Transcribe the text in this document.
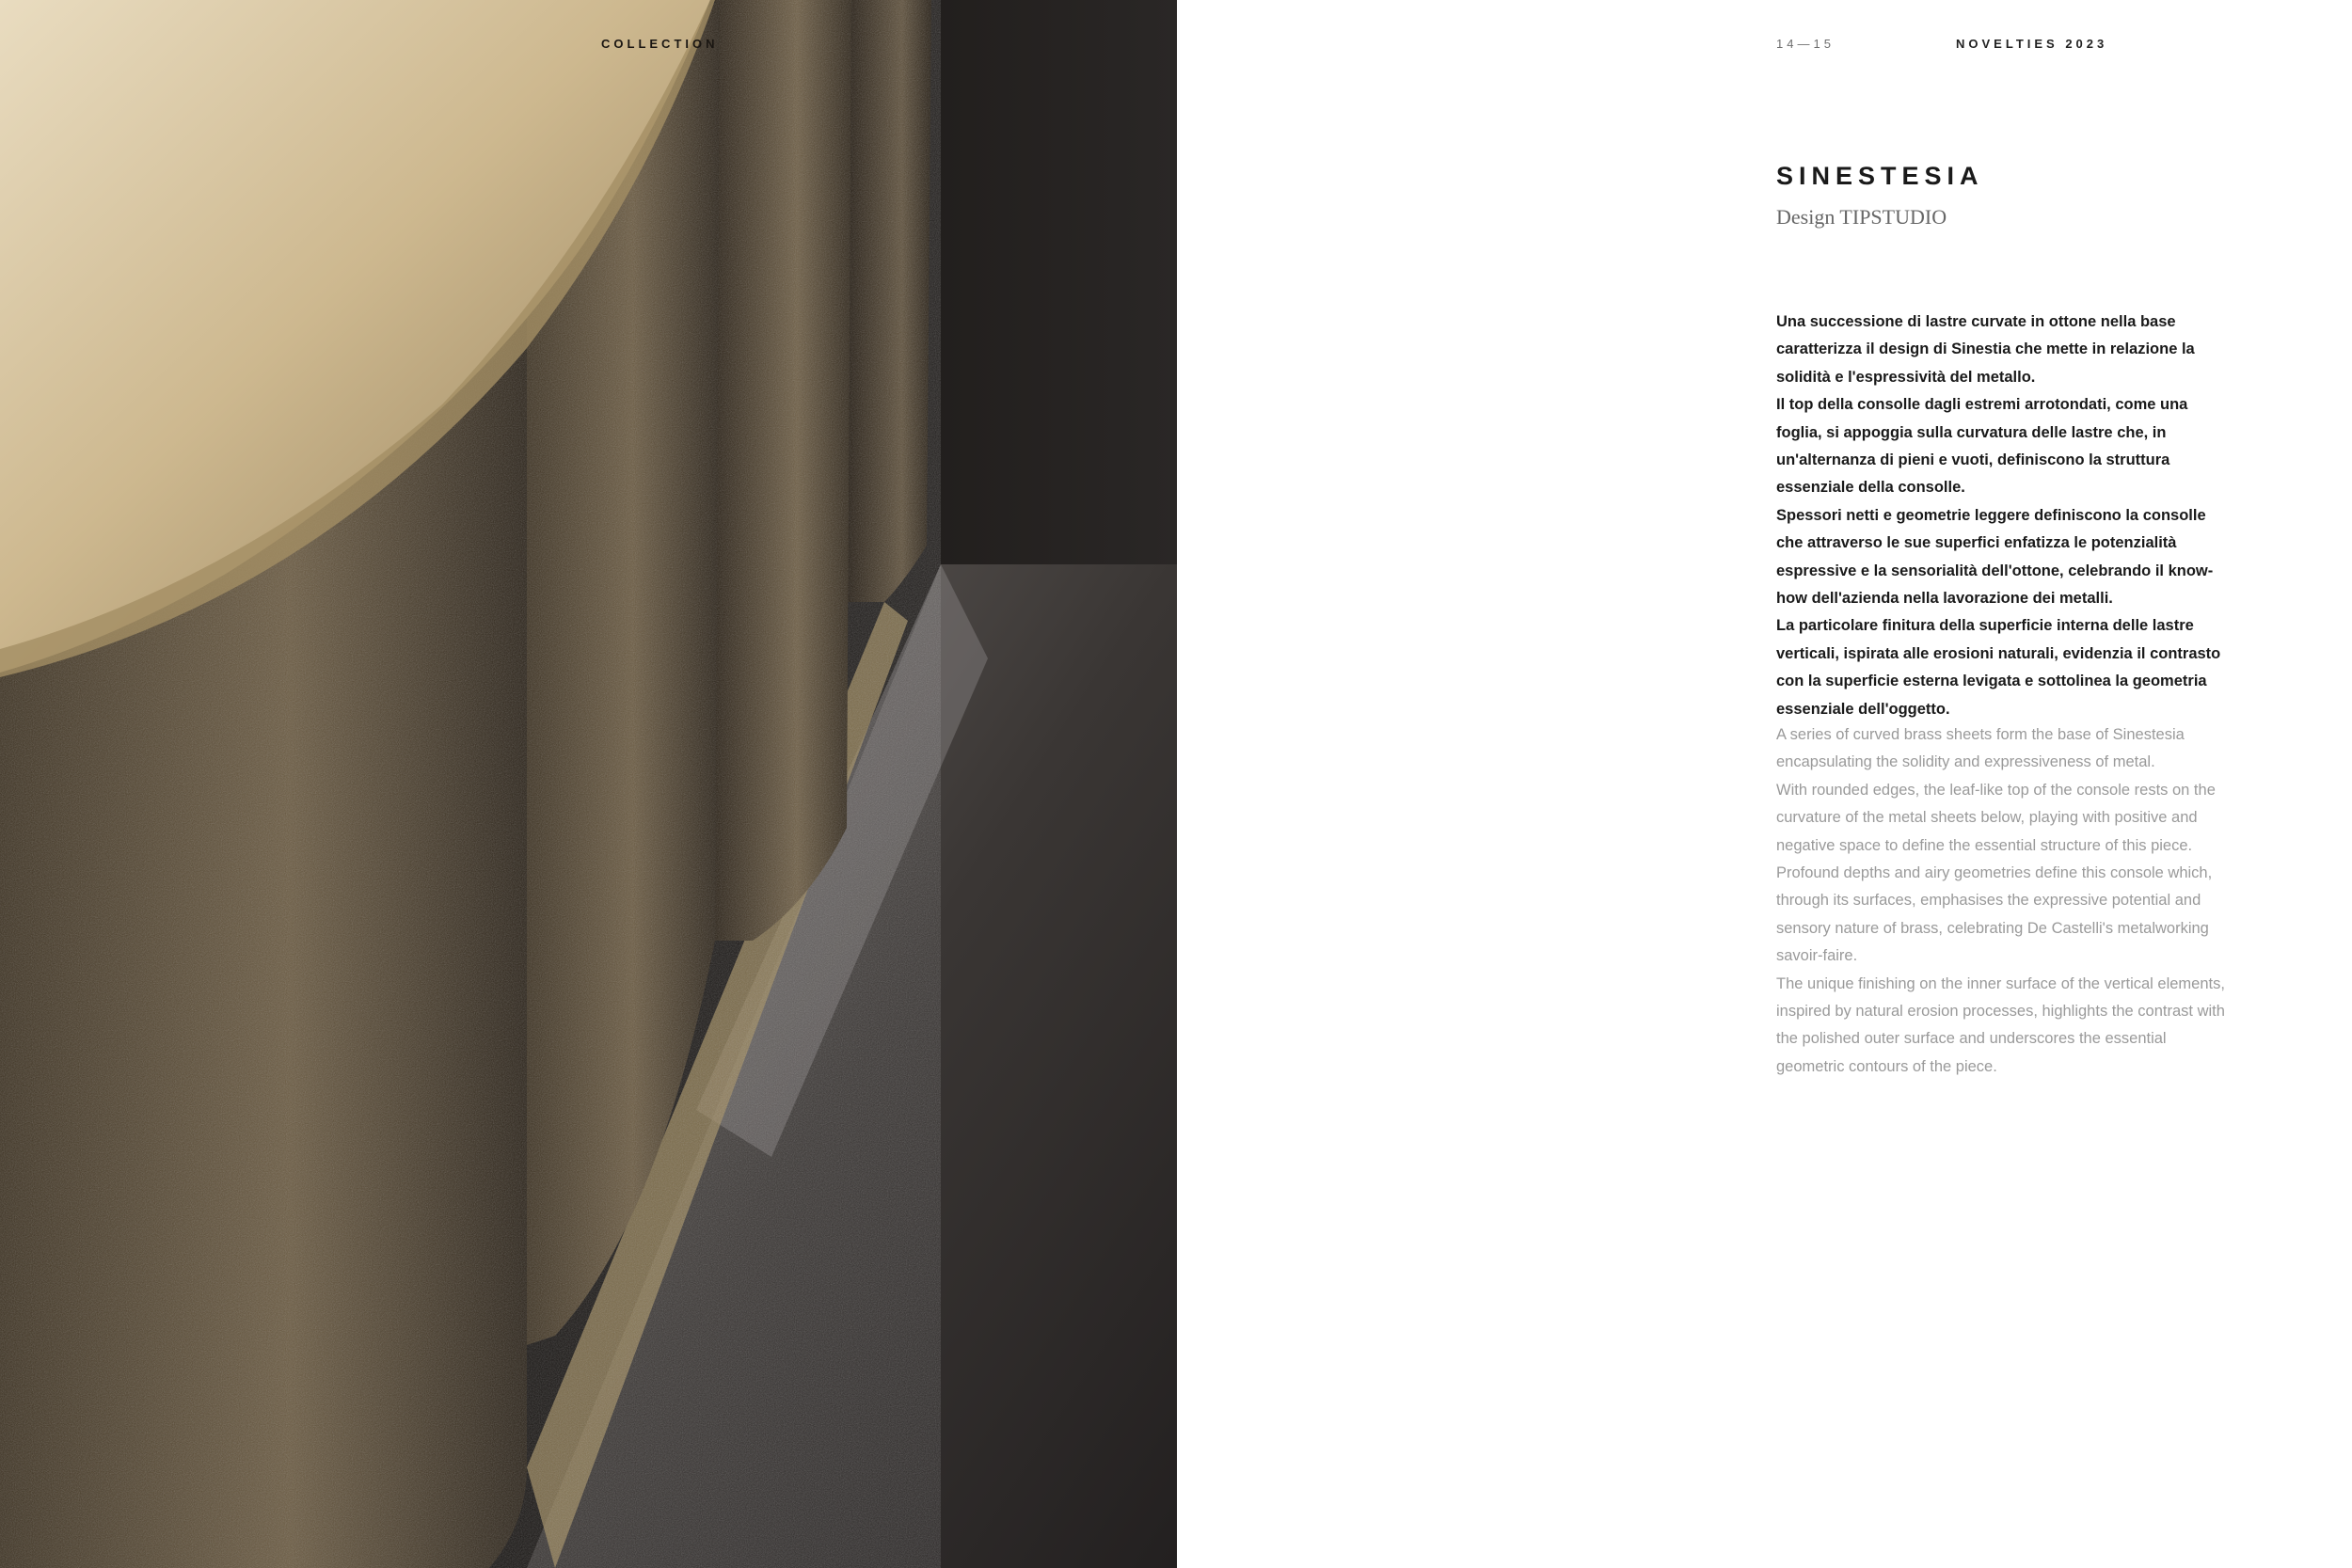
COLLECTION	14—15	NOVELTIES 2023
SINESTESIA
Design TIPSTUDIO

Una successione di lastre curvate in ottone nella base caratterizza il design di Sinestia che mette in relazione la solidità e l'espressività del metallo.

Il top della consolle dagli estremi arrotondati, come una foglia, si appoggia sulla curvatura delle lastre che, in un'alternanza di pieni e vuoti, definiscono la struttura essenziale della consolle.

Spessori netti e geometrie leggere definiscono la consolle che attraverso le sue superfici enfatizza le potenzialità espressive e la sensorialità dell'ottone, celebrando il know-how dell'azienda nella lavorazione dei metalli.

La particolare finitura della superficie interna delle lastre verticali, ispirata alle erosioni naturali, evidenzia il contrasto con la superficie esterna levigata e sottolinea la geometria essenziale dell'oggetto.

A series of curved brass sheets form the base of Sinestesia encapsulating the solidity and expressiveness of metal.

With rounded edges, the leaf-like top of the console rests on the curvature of the metal sheets below, playing with positive and negative space to define the essential structure of this piece.

Profound depths and airy geometries define this console which, through its surfaces, emphasises the expressive potential and sensory nature of brass, celebrating De Castelli's metalworking savoir-faire.

The unique finishing on the inner surface of the vertical elements, inspired by natural erosion processes, highlights the contrast with the polished outer surface and underscores the essential geometric contours of the piece.
